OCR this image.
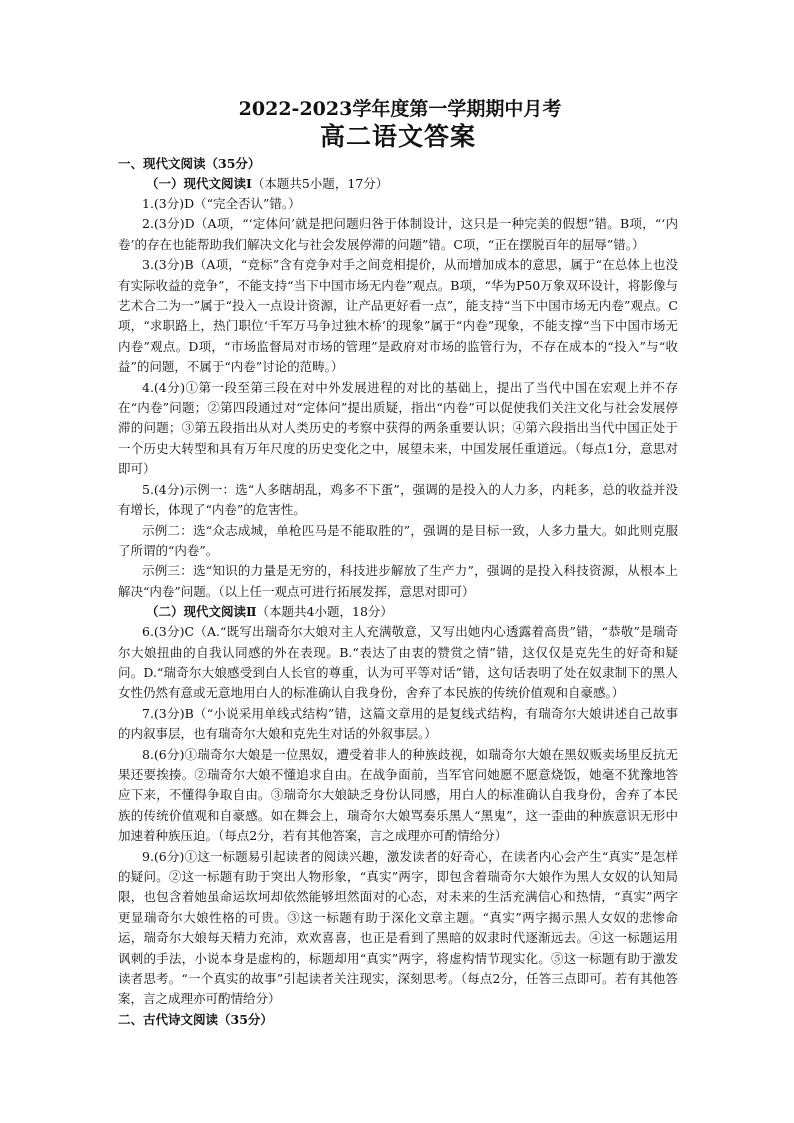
2022-2023学年度第一学期期中月考
高二语文答案
一、现代文阅读（35分）
（一）现代文阅读Ⅰ（本题共5小题，17分）

1.(3分)D（“完全否认”错。）

2.(3分)D（A项，“‘定体问’就是把问题归咎于体制设计，这只是一种完美的假想”错。B项，“‘内卷’的存在也能帮助我们解决文化与社会发展停滞的问题”错。C项，“正在摆脱百年的屈辱”错。）

3.(3分)B（A项，“竞标”含有竞争对手之间竞相提价，从而增加成本的意思，属于“在总体上也没有实际收益的竞争”，不能支持“当下中国市场无内卷”观点。B项，“华为P50万象双环设计，将影像与艺术合二为一”属于“投入一点设计资源，让产品更好看一点”，能支持“当下中国市场无内卷”观点。C项，“求职路上，热门职位‘千军万马争过独木桥’的现象”属于“内卷”现象，不能支撑“当下中国市场无内卷”观点。D项，“市场监督局对市场的管理”是政府对市场的监管行为，不存在成本的“投入”与“收益”的问题，不属于“内卷”讨论的范畴。）

4.(4分)①第一段至第三段在对中外发展进程的对比的基础上，提出了当代中国在宏观上并不存在“内卷”问题；②第四段通过对“定体问”提出质疑，指出“内卷”可以促使我们关注文化与社会发展停滞的问题；③第五段指出从对人类历史的考察中获得的两条重要认识；④第六段指出当代中国正处于一个历史大转型和具有万年尺度的历史变化之中，展望未来，中国发展任重道远。（每点1分，意思对即可）

5.(4分)示例一：选“人多瞎胡乱，鸡多不下蛋”，强调的是投入的人力多，内耗多，总的收益并没有增长，体现了“内卷”的危害性。

示例二：选“众志成城，单枪匹马是不能取胜的”，强调的是目标一致，人多力量大。如此则克服了所谓的“内卷”。

示例三：选“知识的力量是无穷的，科技进步解放了生产力”，强调的是投入科技资源，从根本上解决“内卷”问题。（以上任一观点可进行拓展发挥，意思对即可）

（二）现代文阅读Ⅱ（本题共4小题，18分）

6.(3分)C（A.“既写出瑞奇尔大娘对主人充满敬意，又写出她内心透露着高贵”错，“恭敬”是瑞奇尔大娘扭曲的自我认同感的外在表现。B.“表达了由衷的赞赏之情”错，这仅仅是克先生的好奇和疑问。D.“瑞奇尔大娘感受到白人长官的尊重，认为可平等对话”错，这句话表明了处在奴隶制下的黑人女性仍然有意或无意地用白人的标准确认自我身份，舍弃了本民族的传统价值观和自豪感。）

7.(3分)B（“小说采用单线式结构”错，这篇文章用的是复线式结构，有瑞奇尔大娘讲述自己故事的内叙事层，也有瑞奇尔大娘和克先生对话的外叙事层。）

8.(6分)①瑞奇尔大娘是一位黑奴，遭受着非人的种族歧视，如瑞奇尔大娘在黑奴贩卖场里反抗无果还要挨揍。②瑞奇尔大娘不懂追求自由。在战争面前，当军官问她愿不愿意烧饭，她毫不犹豫地答应下来，不懂得争取自由。③瑞奇尔大娘缺乏身份认同感，用白人的标准确认自我身份，舍弃了本民族的传统价值观和自豪感。如在舞会上，瑞奇尔大娘骂奏乐黑人“黑鬼”，这一歪曲的种族意识无形中加速着种族压迫。（每点2分，若有其他答案，言之成理亦可酌情给分）

9.(6分)①这一标题易引起读者的阅读兴趣，激发读者的好奇心，在读者内心会产生“真实”是怎样的疑问。②这一标题有助于突出人物形象，“真实”两字，即包含着瑞奇尔大娘作为黑人女奴的认知局限，也包含着她虽命运坎坷却依然能够坦然面对的心态，对未来的生活充满信心和热情，“真实”两字更显瑞奇尔大娘性格的可贵。③这一标题有助于深化文章主题。“真实”两字揭示黑人女奴的悲惨命运，瑞奇尔大娘每天精力充沛，欢欢喜喜，也正是看到了黑暗的奴隶时代逐渐远去。④这一标题运用讽刺的手法，小说本身是虚构的，标题却用“真实”两字，将虚构情节现实化。⑤这一标题有助于激发读者思考。“一个真实的故事”引起读者关注现实，深刻思考。（每点2分，任答三点即可。若有其他答案，言之成理亦可酌情给分）

二、古代诗文阅读（35分）
